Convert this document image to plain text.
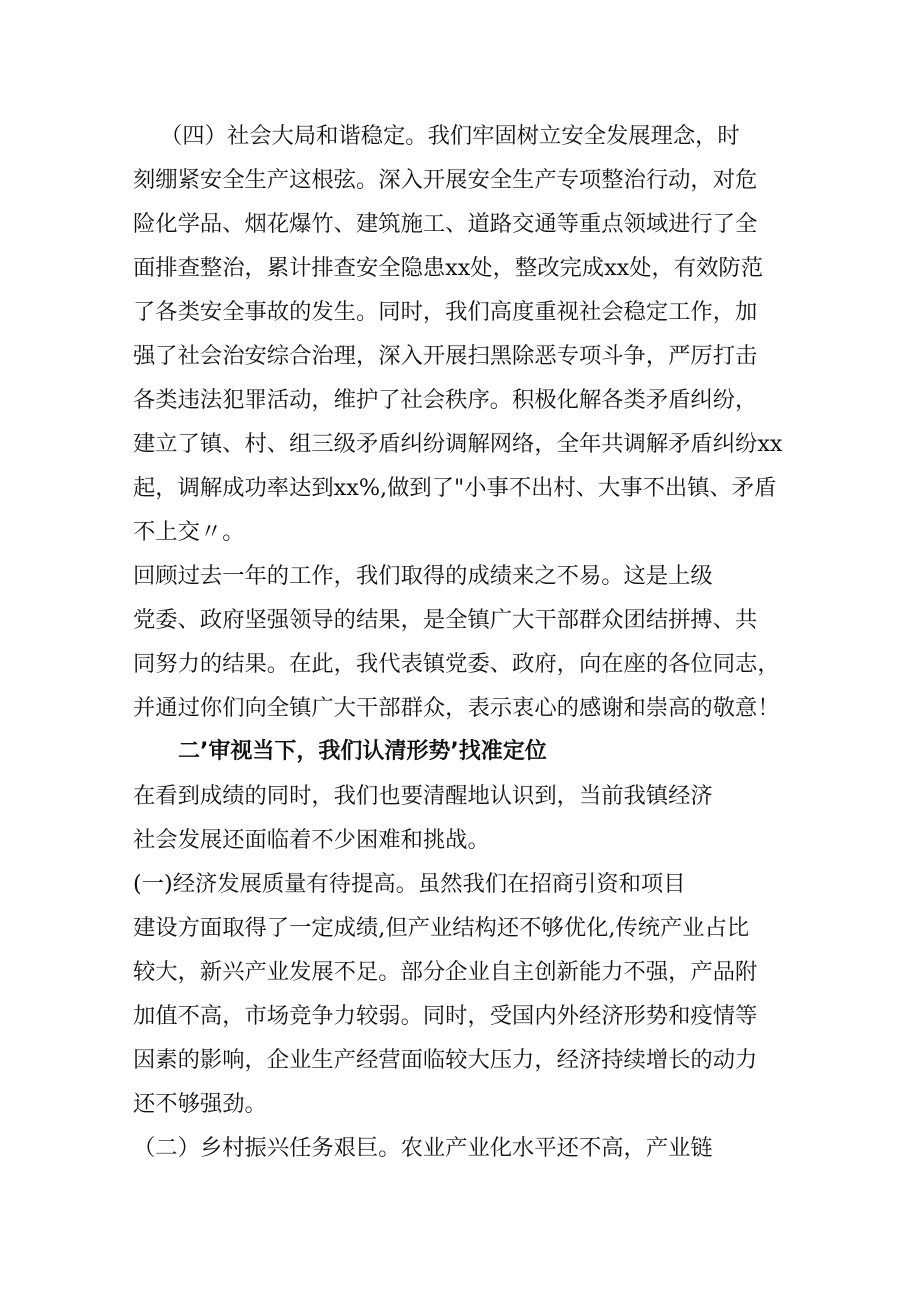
（四）社会大局和谐稳定。我们牢固树立安全发展理念，时
刻绷紧安全生产这根弦。深入开展安全生产专项整治行动，对危
险化学品、烟花爆竹、建筑施工、道路交通等重点领域进行了全
面排查整治，累计排查安全隐患xx处，整改完成xx处，有效防范
了各类安全事故的发生。同时，我们高度重视社会稳定工作，加
强了社会治安综合治理，深入开展扫黑除恶专项斗争，严厉打击
各类违法犯罪活动，维护了社会秩序。积极化解各类矛盾纠纷，
建立了镇、村、组三级矛盾纠纷调解网络，全年共调解矛盾纠纷xx
起，调解成功率达到xx%,做到了"小事不出村、大事不出镇、矛盾
不上交〃。
回顾过去一年的工作，我们取得的成绩来之不易。这是上级
党委、政府坚强领导的结果，是全镇广大干部群众团结拼搏、共
同努力的结果。在此，我代表镇党委、政府，向在座的各位同志，
并通过你们向全镇广大干部群众，表示衷心的感谢和崇高的敬意！
二’审视当下，我们认清形势’找准定位
在看到成绩的同时，我们也要清醒地认识到，当前我镇经济
社会发展还面临着不少困难和挑战。
(一)经济发展质量有待提高。虽然我们在招商引资和项目
建设方面取得了一定成绩,但产业结构还不够优化,传统产业占比
较大，新兴产业发展不足。部分企业自主创新能力不强，产品附
加值不高，市场竞争力较弱。同时，受国内外经济形势和疫情等
因素的影响，企业生产经营面临较大压力，经济持续增长的动力
还不够强劲。
（二）乡村振兴任务艰巨。农业产业化水平还不高，产业链
